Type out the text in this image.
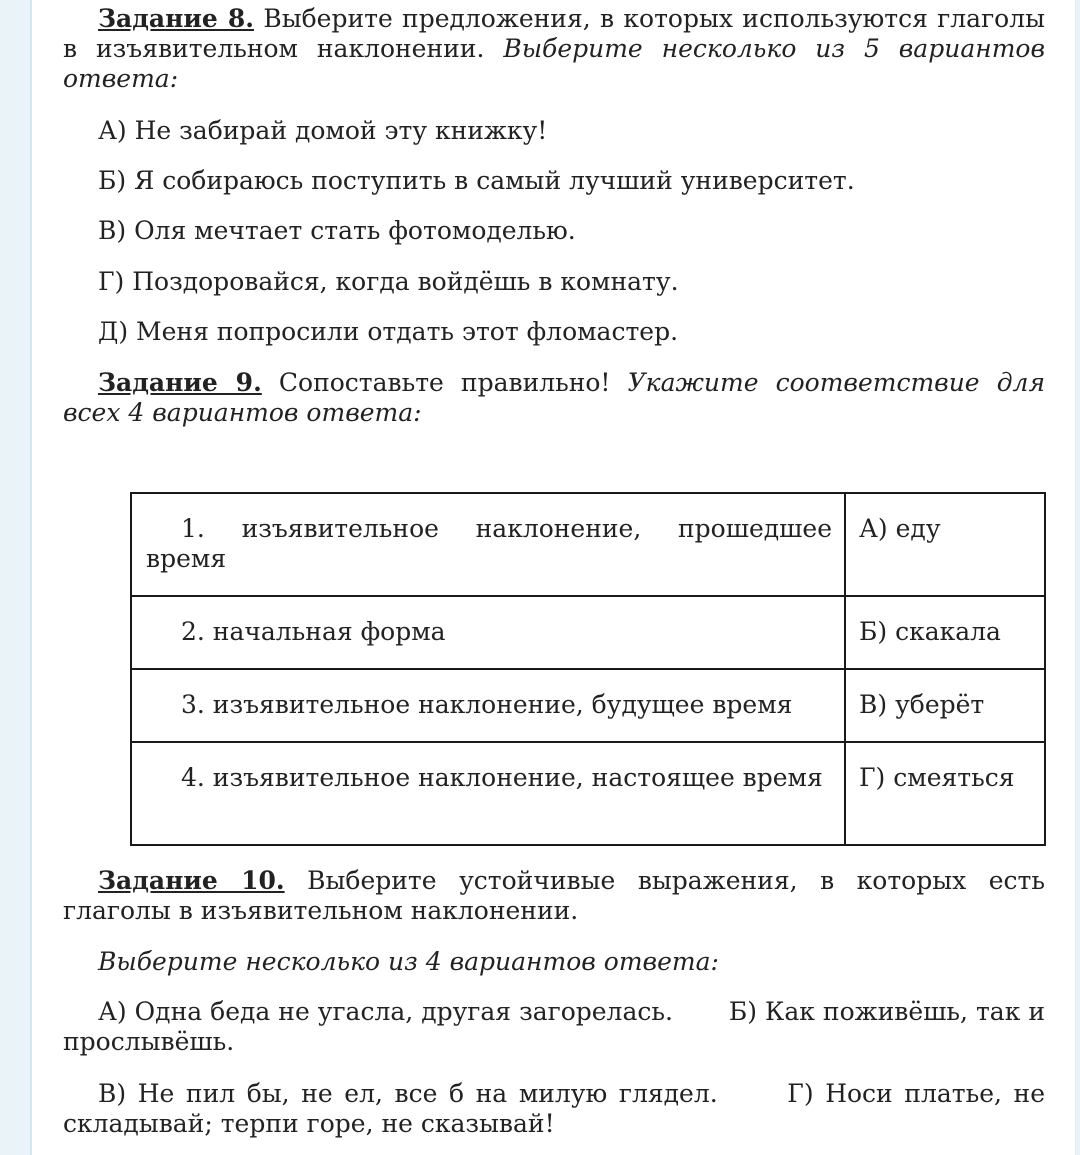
Задание 8. Выберите предложения, в которых используются глаголы в изъявительном наклонении. Выберите несколько из 5 вариантов ответа:

А) Не забирай домой эту книжку!

Б) Я собираюсь поступить в самый лучший университет.

В) Оля мечтает стать фотомоделью.

Г) Поздоровайся, когда войдёшь в комнату.

Д) Меня попросили отдать этот фломастер.

Задание 9. Сопоставьте правильно! Укажите соответствие для всех 4 вариантов ответа:

1. изъявительное наклонение, прошедшее время	А) еду
2. начальная форма	Б) скакала
3. изъявительное наклонение, будущее время	В) уберёт
4. изъявительное наклонение, настоящее время	Г) смеяться

Задание 10. Выберите устойчивые выражения, в которых есть глаголы в изъявительном наклонении.

Выберите несколько из 4 вариантов ответа:

А) Одна беда не угасла, другая загорелась. Б) Как поживёшь, так и прослывёшь.

В) Не пил бы, не ел, все б на милую глядел.	Г) Носи платье, не складывай; терпи горе, не сказывай!
